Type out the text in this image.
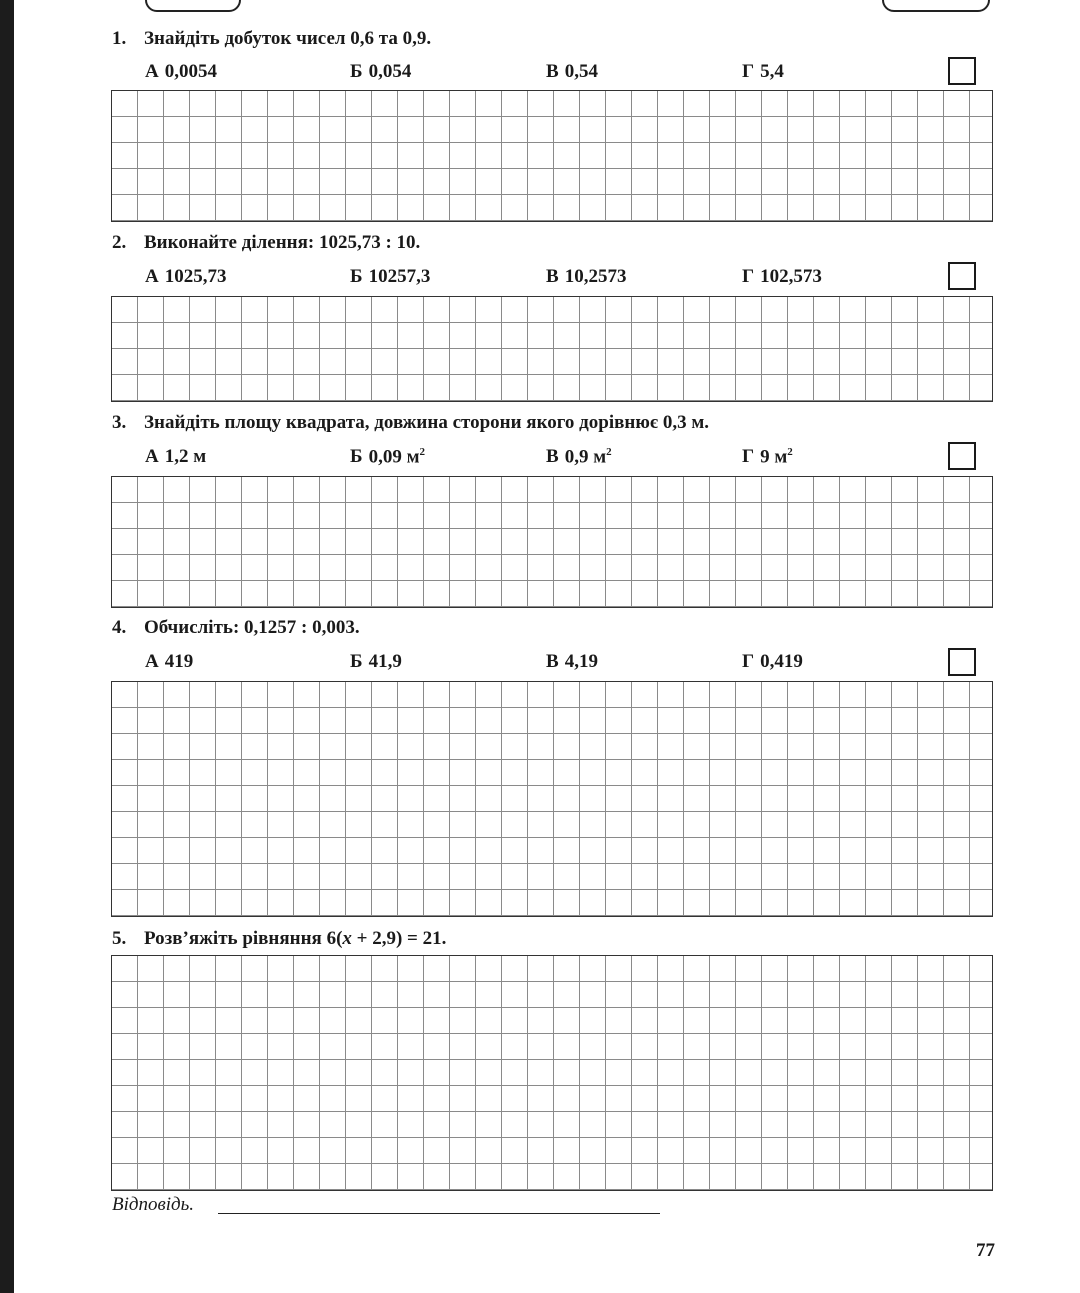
1. Знайдіть добуток чисел 0,6 та 0,9.
А 0,0054	Б 0,054	В 0,54	Г 5,4
2. Виконайте ділення: 1025,73 : 10.
А 1025,73	Б 10257,3	В 10,2573	Г 102,573
3. Знайдіть площу квадрата, довжина сторони якого дорівнює 0,3 м.
А 1,2 м	Б 0,09 $м^2$	В 0,9 $м^2$	Г 9 $м^2$
4. Обчисліть: 0,1257 : 0,003.
А 419	Б 41,9	В 4,19	Г 0,419
5. Розв’яжіть рівняння 6(x + 2,9) = 21.
Відповідь.
77
